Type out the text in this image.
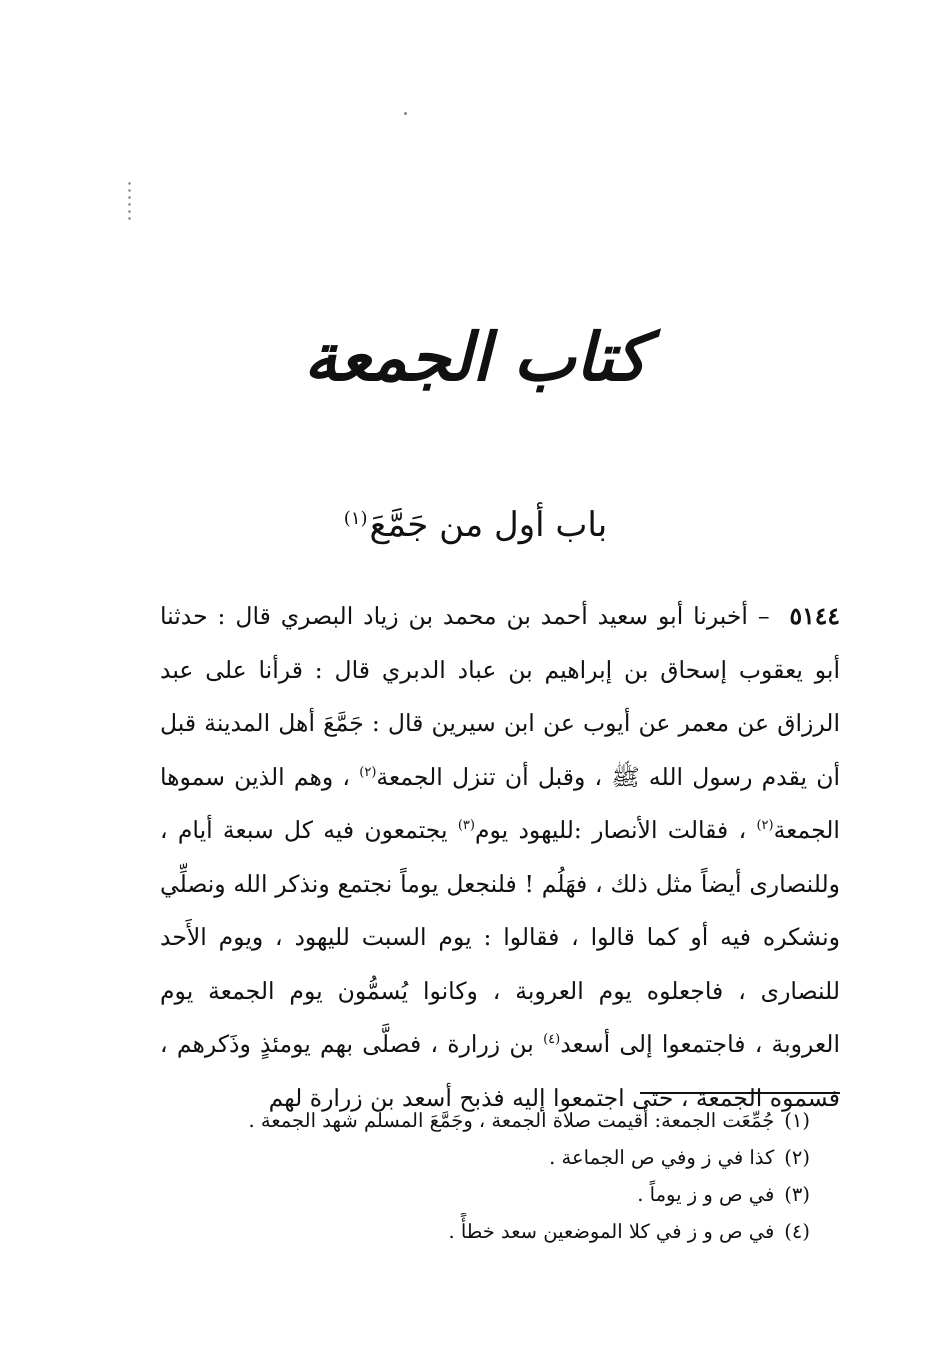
كتاب الجمعة
باب أول من جَمَّعَ$^{(١)}$
٥١٤٤ – أخبرنا أبو سعيد أحمد بن محمد بن زياد البصري قال : حدثنا أبو يعقوب إسحاق بن إبراهيم بن عباد الدبري قال : قرأنا على عبد الرزاق عن معمر عن أيوب عن ابن سيرين قال : جَمَّعَ أهل المدينة قبل أن يقدم رسول الله ﷺ ، وقبل أن تنزل الجمعة$^{(٢)}$ ، وهم الذين سموها الجمعة$^{(٢)}$ ، فقالت الأنصار :لليهود يوم$^{(٣)}$ يجتمعون فيه كل سبعة أيام ، وللنصارى أيضاً مثل ذلك ، فهَلُم ! فلنجعل يوماً نجتمع ونذكر الله ونصلِّي ونشكره فيه أو كما قالوا ، فقالوا : يوم السبت لليهود ، ويوم الأَحد للنصارى ، فاجعلوه يوم العروبة ، وكانوا يُسمُّون يوم الجمعة يوم العروبة ، فاجتمعوا إلى أسعد$^{(٤)}$ بن زرارة ، فصلَّى بهم يومئذٍ وذَكرهم ، فسموه الجمعة ، حتى اجتمعوا إليه فذبح أسعد بن زرارة لهم

(١)جُمِّعَت الجمعة: أقيمت صلاة الجمعة ، وجَمَّعَ المسلم شهد الجمعة .

(٢)كذا في ز وفي ص الجماعة .

(٣)في ص و ز يوماً .

(٤)في ص و ز في كلا الموضعين سعد خطأً .
